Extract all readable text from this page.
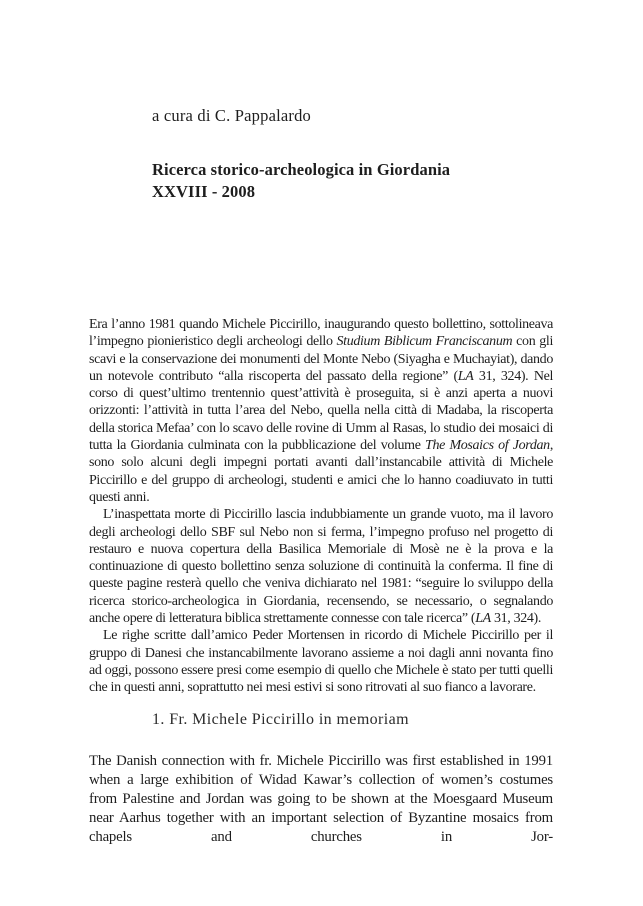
a cura di C. Pappalardo
Ricerca storico-archeologica in Giordania
XXVIII - 2008

Era l’anno 1981 quando Michele Piccirillo, inaugurando questo bollettino, sottolineava l’impegno pionieristico degli archeologi dello Studium Biblicum Franciscanum con gli scavi e la conservazione dei monumenti del Monte Nebo (Siyagha e Muchayiat), dando un notevole contributo “alla riscoperta del passato della regione” (LA 31, 324). Nel corso di quest’ultimo trentennio quest’attività è proseguita, si è anzi aperta a nuovi orizzonti: l’attività in tutta l’area del Nebo, quella nella città di Madaba, la riscoperta della storica Mefaa’ con lo scavo delle rovine di Umm al Rasas, lo studio dei mosaici di tutta la Giordania culminata con la pubblicazione del volume The Mosaics of Jordan, sono solo alcuni degli impegni portati avanti dall’instancabile attività di Michele Piccirillo e del gruppo di archeologi, studenti e amici che lo hanno coadiuvato in tutti questi anni.

L’inaspettata morte di Piccirillo lascia indubbiamente un grande vuoto, ma il lavoro degli archeologi dello SBF sul Nebo non si ferma, l’impegno profuso nel progetto di restauro e nuova copertura della Basilica Memoriale di Mosè ne è la prova e la continuazione di questo bollettino senza soluzione di continuità la conferma. Il fine di queste pagine resterà quello che veniva dichiarato nel 1981: “seguire lo sviluppo della ricerca storico-archeologica in Giordania, recensendo, se necessario, o segnalando anche opere di letteratura biblica strettamente connesse con tale ricerca” (LA 31, 324).

Le righe scritte dall’amico Peder Mortensen in ricordo di Michele Piccirillo per il gruppo di Danesi che instancabilmente lavorano assieme a noi dagli anni novanta fino ad oggi, possono essere presi come esempio di quello che Michele è stato per tutti quelli che in questi anni, soprattutto nei mesi estivi si sono ritrovati al suo fianco a lavorare.

1. Fr. Michele Piccirillo in memoriam

The Danish connection with fr. Michele Piccirillo was first established in 1991 when a large exhibition of Widad Kawar’s collection of women’s costumes from Palestine and Jordan was going to be shown at the Moesgaard Museum near Aarhus together with an important selection of Byzantine mosaics from chapels and churches in Jor-
